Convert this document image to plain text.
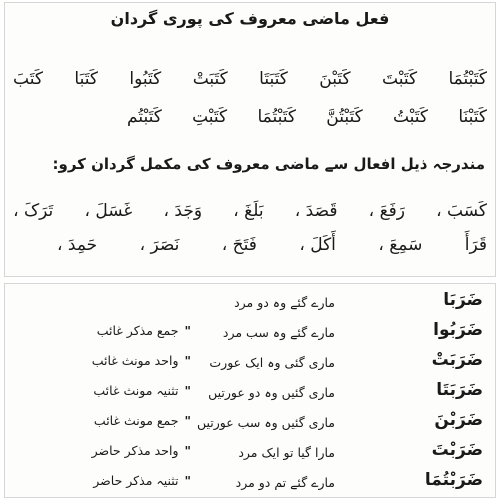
فعل ماضی معروف کی پوری گردان
کَتَبَ کَتَبَا کَتَبُوا کَتَبَتْ کَتَبَتَا کَتَبْنَ کَتَبْتَ کَتَبْتُمَا
کَتَبْتُم کَتَبْتِ کَتَبْتُمَا کَتَبْتُنَّ کَتَبْتُ کَتَبْنَا
مندرجہ ذیل افعال سے ماضی معروف کی مکمل گردان کرو:
تَرَکَ ، غَسَلَ ، وَجَدَ ، بَلَغَ ، قَصَدَ ، رَفَعَ ، کَسَبَ ،
حَمِدَ ، نَصَرَ ، فَتَحَ ، أَکَلَ ، سَمِعَ ، قَرَأَ
ضَرَبَا
مارے گئے وہ دو مرد
ضَرَبُوا
مارے گئے وہ سب مرد
"جمع مذکر غائب
ضَرَبَتْ
ماری گئی وہ ایک عورت
"واحد مونث غائب
ضَرَبَتَا
ماری گئیں وہ دو عورتیں
"تثنیہ مونث غائب
ضَرَبْنَ
ماری گئیں وہ سب عورتیں
"جمع مونث غائب
ضَرَبْتَ
مارا گیا تو ایک مرد
"واحد مذکر حاضر
ضَرَبْتُمَا
مارے گئے تم دو مرد
"تثنیہ مذکر حاضر
